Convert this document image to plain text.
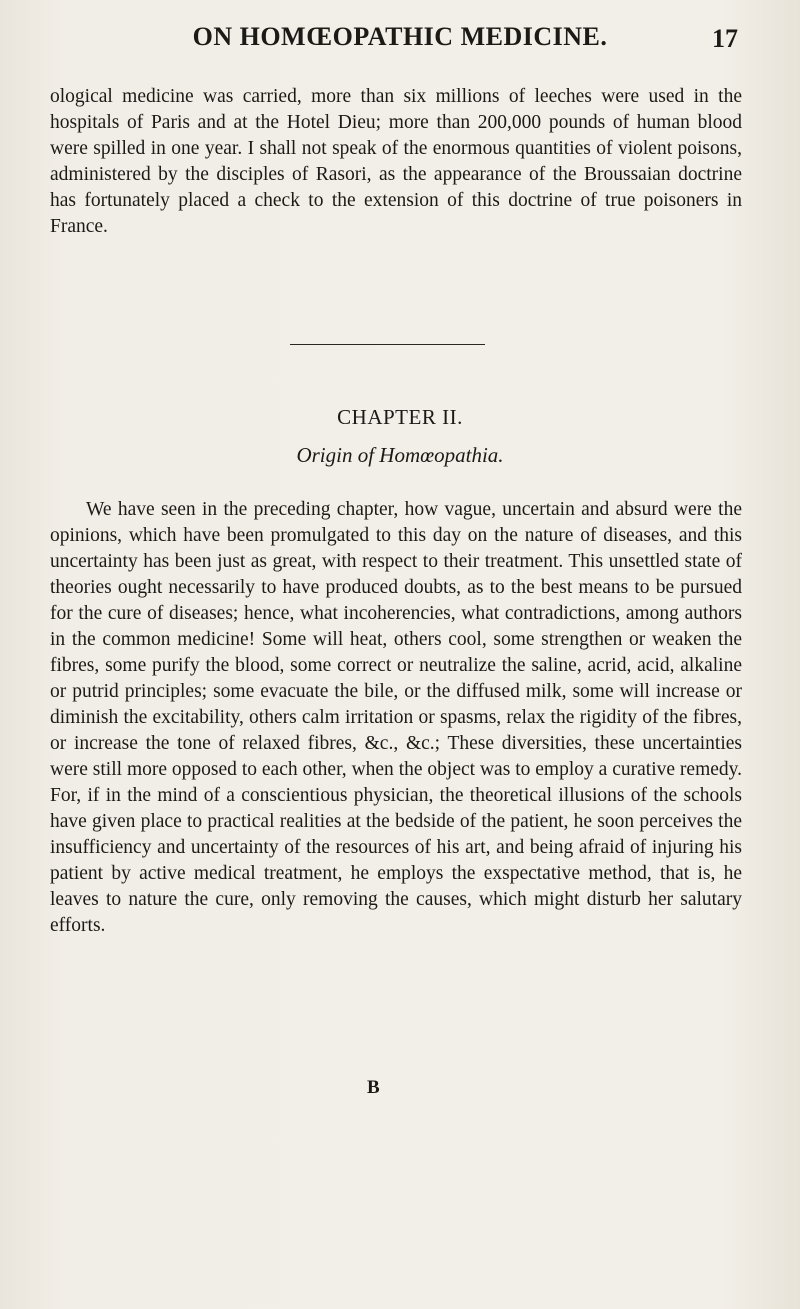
ON HOMŒOPATHIC MEDICINE.	17

ological medicine was carried, more than six millions of leeches were used in the hospitals of Paris and at the Hotel Dieu; more than 200,000 pounds of human blood were spilled in one year. I shall not speak of the enormous quantities of violent poisons, administered by the disciples of Rasori, as the appearance of the Broussaian doctrine has fortunately placed a check to the extension of this doctrine of true poisoners in France.

CHAPTER II.
Origin of Homœopathia.

We have seen in the preceding chapter, how vague, uncertain and absurd were the opinions, which have been promulgated to this day on the nature of diseases, and this uncertainty has been just as great, with respect to their treatment. This unsettled state of theories ought necessarily to have produced doubts, as to the best means to be pursued for the cure of diseases; hence, what incoherencies, what contradictions, among authors in the common medicine! Some will heat, others cool, some strengthen or weaken the fibres, some purify the blood, some correct or neutralize the saline, acrid, acid, alkaline or putrid principles; some evacuate the bile, or the diffused milk, some will increase or diminish the excitability, others calm irritation or spasms, relax the rigidity of the fibres, or increase the tone of relaxed fibres, &c., &c.; These diversities, these uncertainties were still more opposed to each other, when the object was to employ a curative remedy. For, if in the mind of a conscientious physician, the theoretical illusions of the schools have given place to practical realities at the bedside of the patient, he soon perceives the insufficiency and uncertainty of the resources of his art, and being afraid of injuring his patient by active medical treatment, he employs the exspectative method, that is, he leaves to nature the cure, only removing the causes, which might disturb her salutary efforts.

B
